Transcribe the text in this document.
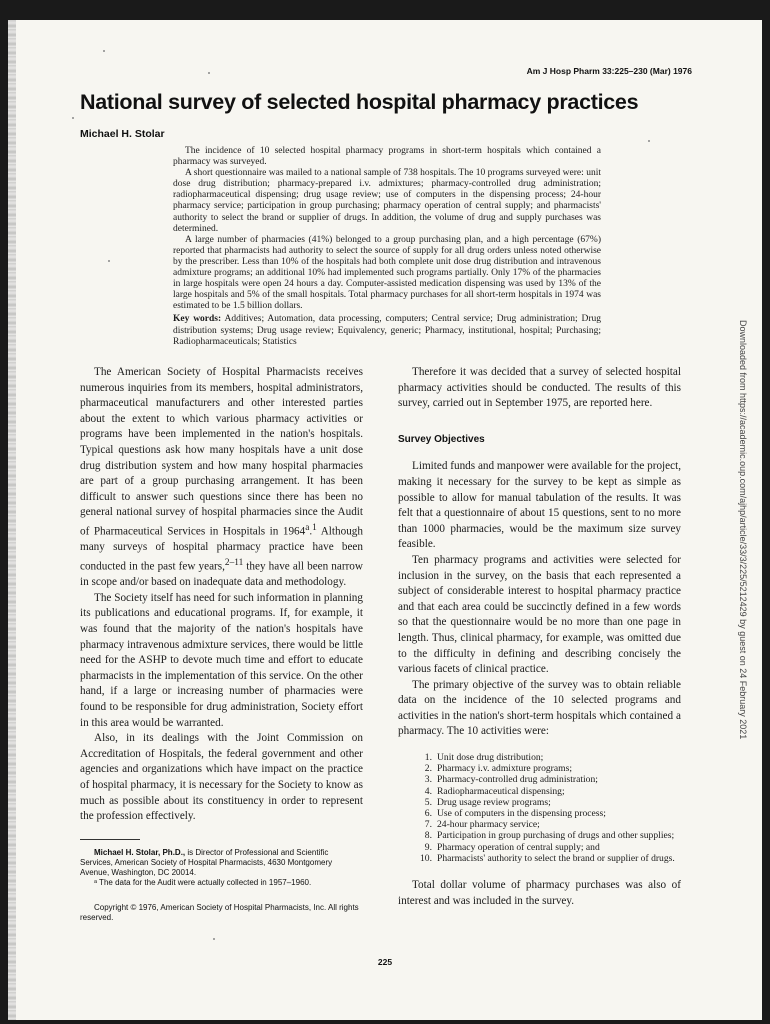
Am J Hosp Pharm 33:225–230 (Mar) 1976
National survey of selected hospital pharmacy practices
Michael H. Stolar

The incidence of 10 selected hospital pharmacy programs in short-term hospitals which contained a pharmacy was surveyed.

A short questionnaire was mailed to a national sample of 738 hospitals. The 10 programs surveyed were: unit dose drug distribution; pharmacy-prepared i.v. admixtures; pharmacy-controlled drug administration; radiopharmaceutical dispensing; drug usage review; use of computers in the dispensing process; 24-hour pharmacy service; participation in group purchasing; pharmacy operation of central supply; and pharmacists' authority to select the brand or supplier of drugs. In addition, the volume of drug and supply purchases was determined.

A large number of pharmacies (41%) belonged to a group purchasing plan, and a high percentage (67%) reported that pharmacists had authority to select the source of supply for all drug orders unless noted otherwise by the prescriber. Less than 10% of the hospitals had both complete unit dose drug distribution and intravenous admixture programs; an additional 10% had implemented such programs partially. Only 17% of the pharmacies in large hospitals were open 24 hours a day. Computer-assisted medication dispensing was used by 13% of the large hospitals and 5% of the small hospitals. Total pharmacy purchases for all short-term hospitals in 1974 was estimated to be 1.5 billion dollars.

Key words: Additives; Automation, data processing, computers; Central service; Drug administration; Drug distribution systems; Drug usage review; Equivalency, generic; Pharmacy, institutional, hospital; Purchasing; Radiopharmaceuticals; Statistics

The American Society of Hospital Pharmacists receives numerous inquiries from its members, hospital administrators, pharmaceutical manufacturers and other interested parties about the extent to which various pharmacy activities or programs have been implemented in the nation's hospitals. Typical questions ask how many hospitals have a unit dose drug distribution system and how many hospital pharmacies are part of a group purchasing arrangement. It has been difficult to answer such questions since there has been no general national survey of hospital pharmacies since the Audit of Pharmaceutical Services in Hospitals in 1964$^a$.$^1$ Although many surveys of hospital pharmacy practice have been conducted in the past few years,$^{2-11}$ they have all been narrow in scope and/or based on inadequate data and methodology.

The Society itself has need for such information in planning its publications and educational programs. If, for example, it was found that the majority of the nation's hospitals have pharmacy intravenous admixture services, there would be little need for the ASHP to devote much time and effort to educate pharmacists in the implementation of this service. On the other hand, if a large or increasing number of pharmacies were found to be responsible for drug administration, Society effort in this area would be warranted.

Also, in its dealings with the Joint Commission on Accreditation of Hospitals, the federal government and other agencies and organizations which have impact on the practice of hospital pharmacy, it is necessary for the Society to know as much as possible about its constituency in order to represent the profession effectively.

Michael H. Stolar, Ph.D., is Director of Professional and Scientific Services, American Society of Hospital Pharmacists, 4630 Montgomery Avenue, Washington, DC 20014.

ᵃ The data for the Audit were actually collected in 1957–1960.

Copyright © 1976, American Society of Hospital Pharmacists, Inc. All rights reserved.

Therefore it was decided that a survey of selected hospital pharmacy activities should be conducted. The results of this survey, carried out in September 1975, are reported here.

Survey Objectives

Limited funds and manpower were available for the project, making it necessary for the survey to be kept as simple as possible to allow for manual tabulation of the results. It was felt that a questionnaire of about 15 questions, sent to no more than 1000 pharmacies, would be the maximum size survey feasible.

Ten pharmacy programs and activities were selected for inclusion in the survey, on the basis that each represented a subject of considerable interest to hospital pharmacy practice and that each area could be succinctly defined in a few words so that the questionnaire would be no more than one page in length. Thus, clinical pharmacy, for example, was omitted due to the difficulty in defining and describing concisely the various facets of clinical practice.

The primary objective of the survey was to obtain reliable data on the incidence of the 10 selected programs and activities in the nation's short-term hospitals which contained a pharmacy. The 10 activities were:

1. Unit dose drug distribution;
2. Pharmacy i.v. admixture programs;
3. Pharmacy-controlled drug administration;
4. Radiopharmaceutical dispensing;
5. Drug usage review programs;
6. Use of computers in the dispensing process;
7. 24-hour pharmacy service;
8. Participation in group purchasing of drugs and other supplies;
9. Pharmacy operation of central supply; and
10. Pharmacists' authority to select the brand or supplier of drugs.

Total dollar volume of pharmacy purchases was also of interest and was included in the survey.

Downloaded from https://academic.oup.com/ajhp/article/33/3/225/5212429 by guest on 24 February 2021
225
